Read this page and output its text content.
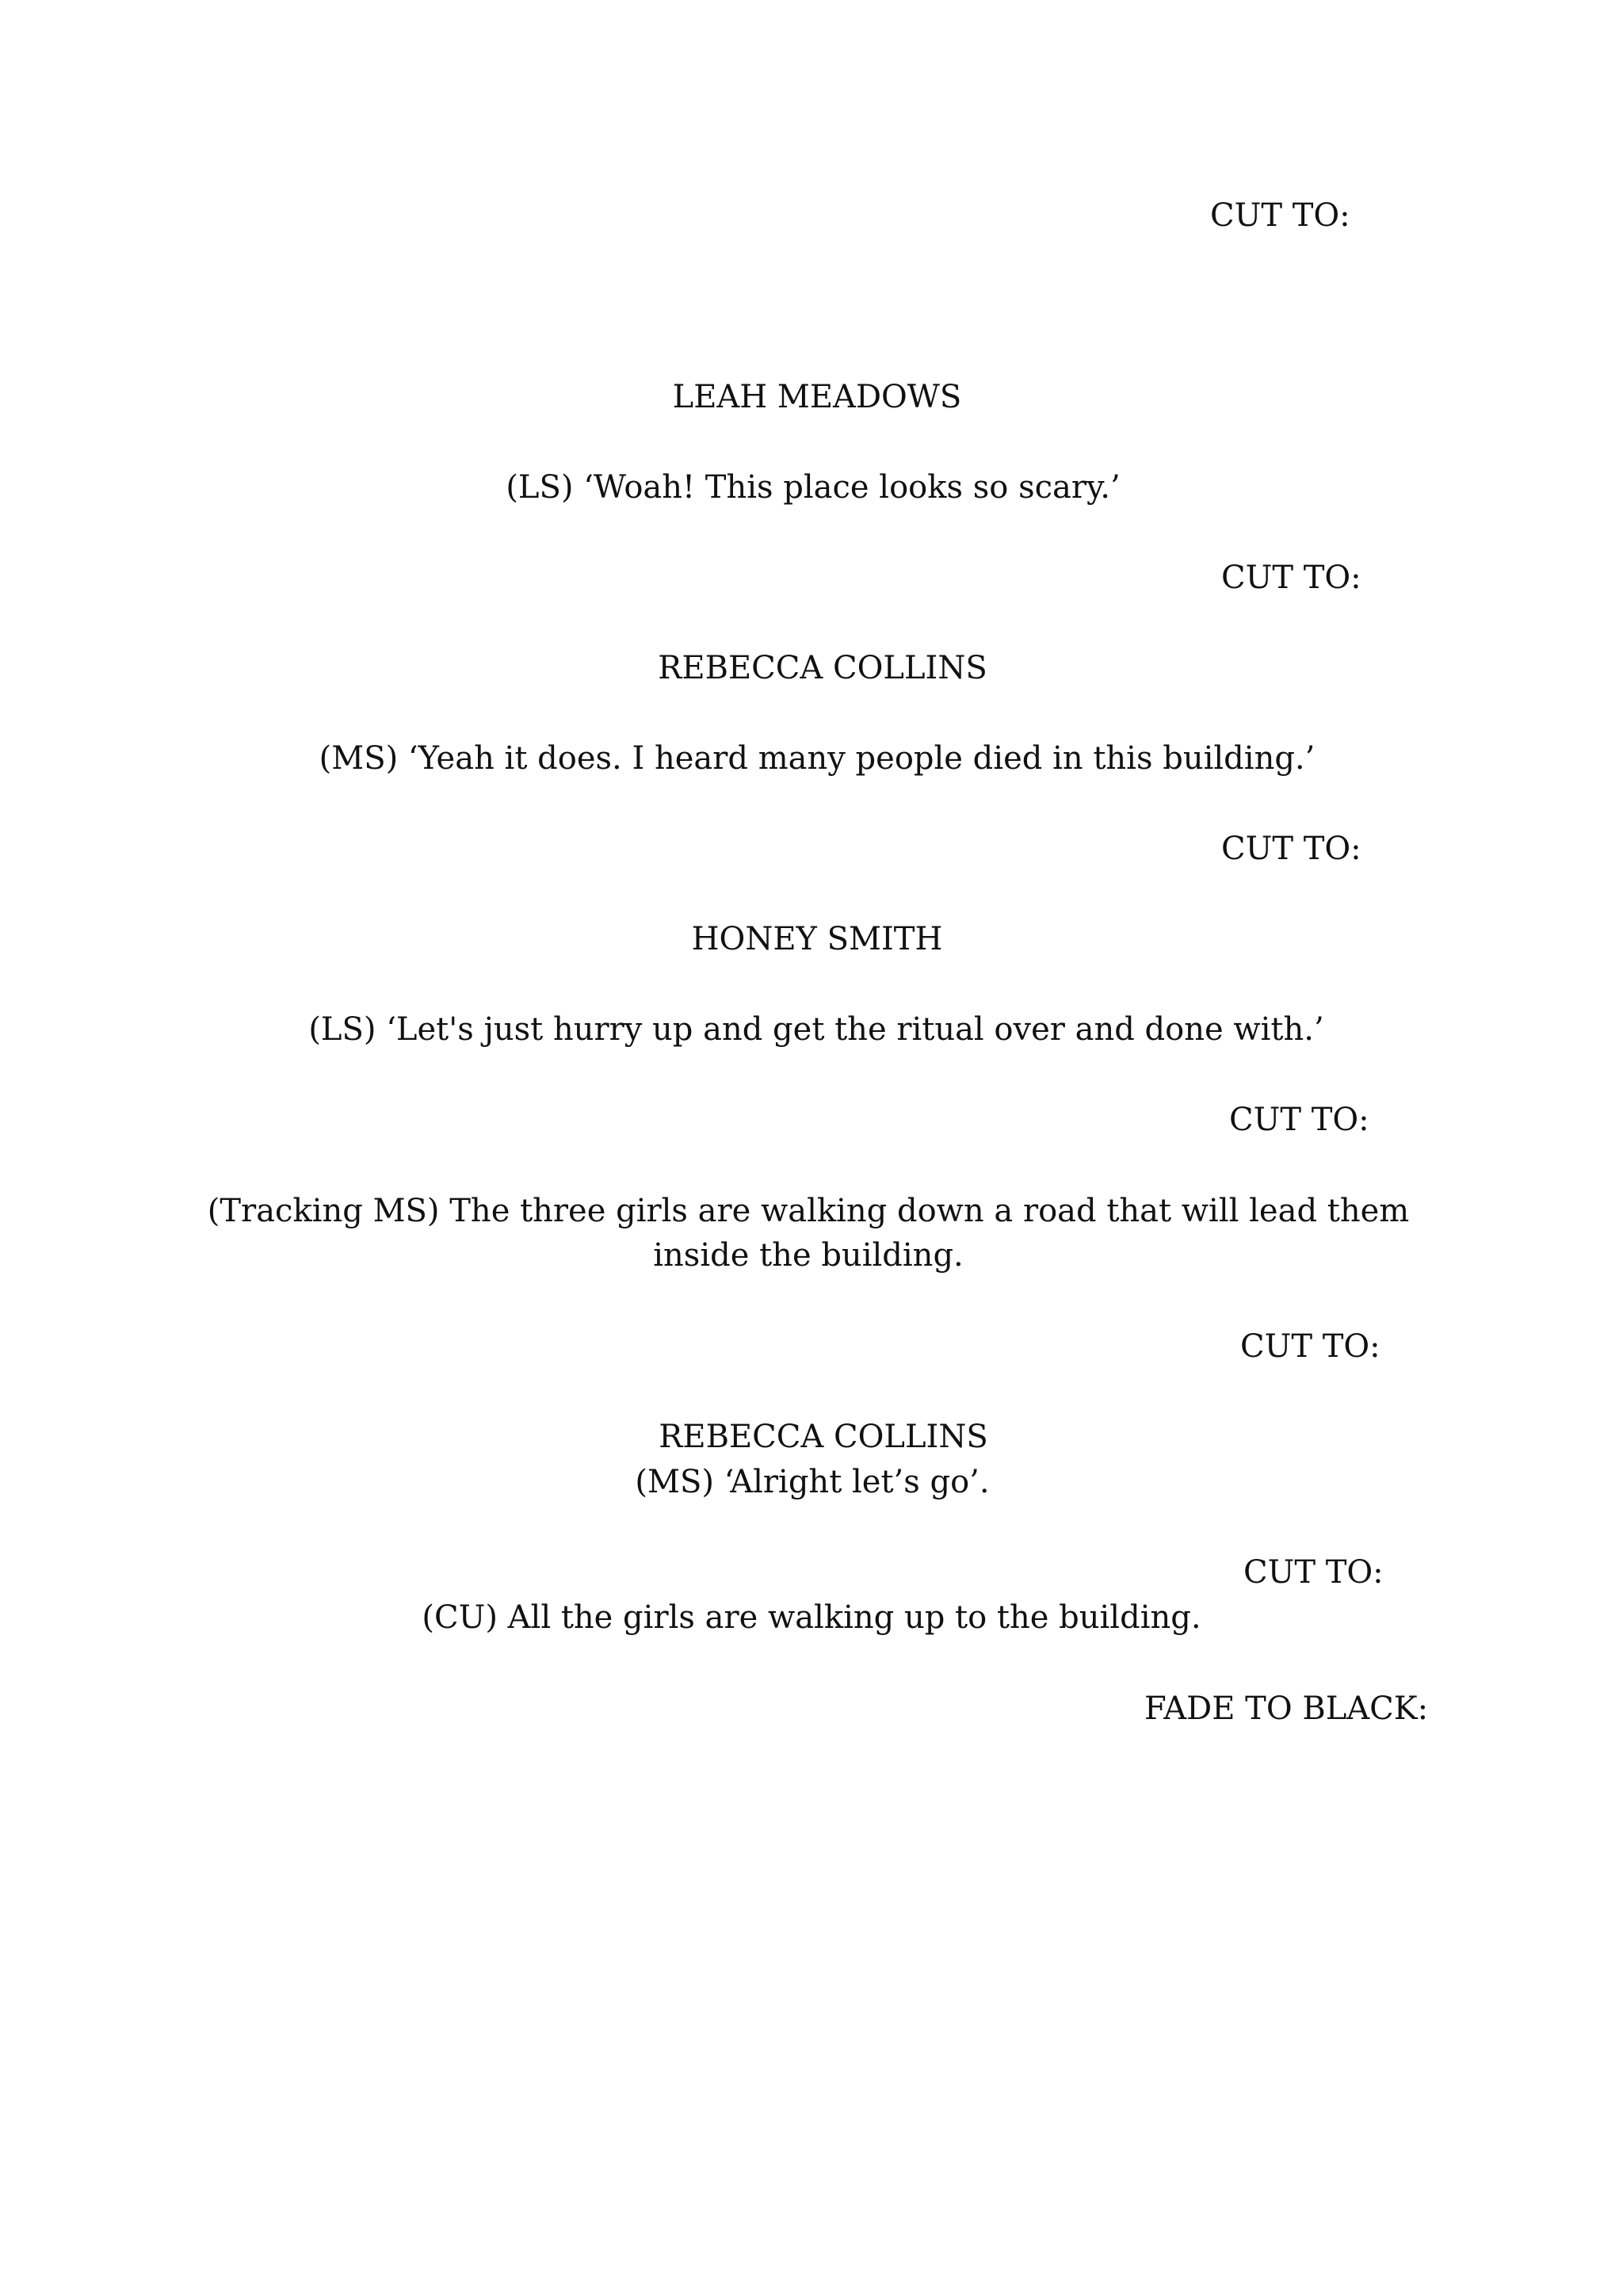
CUT TO:

LEAH MEADOWS

(LS) ‘Woah! This place looks so scary.’

CUT TO:

REBECCA COLLINS

(MS) ‘Yeah it does. I heard many people died in this building.’

CUT TO:

HONEY SMITH

(LS) ‘Let's just hurry up and get the ritual over and done with.’

CUT TO:

(Tracking MS) The three girls are walking down a road that will lead them inside the building.

CUT TO:

REBECCA COLLINS

(MS) ‘Alright let’s go’.

CUT TO:

(CU) All the girls are walking up to the building.

FADE TO BLACK:
